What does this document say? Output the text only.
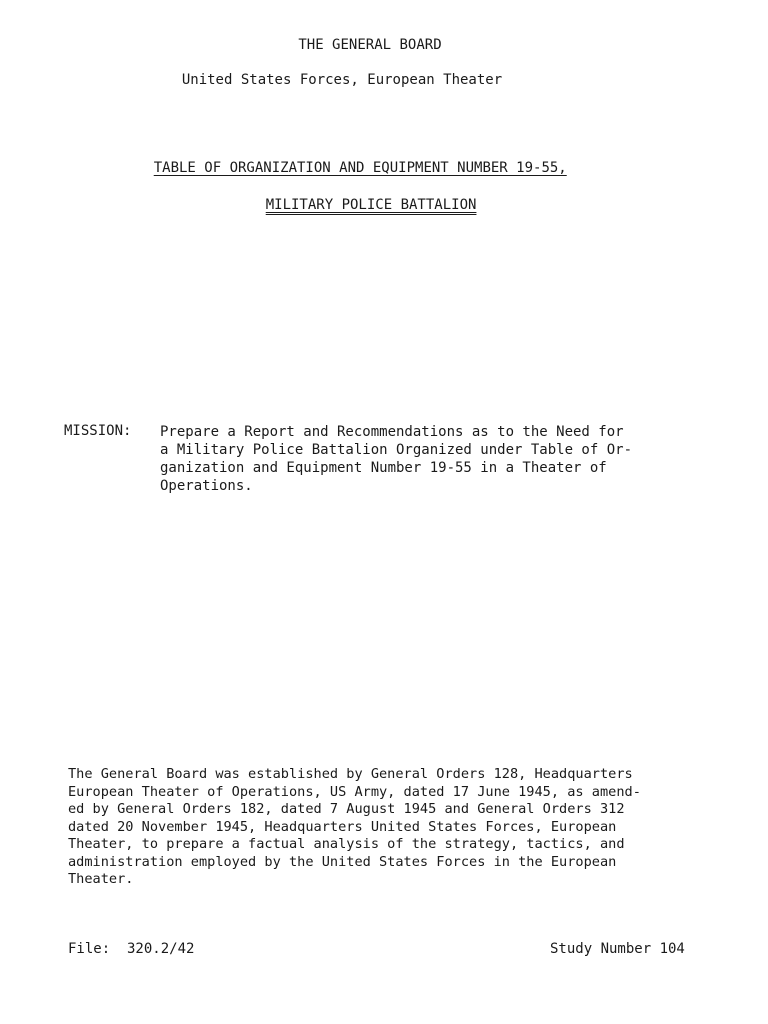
THE GENERAL BOARD
United States Forces, European Theater

TABLE OF ORGANIZATION AND EQUIPMENT NUMBER 19-55,

MILITARY POLICE BATTALION

MISSION: Prepare a Report and Recommendations as to the Need for
a Military Police Battalion Organized under Table of Or-
ganization and Equipment Number 19-55 in a Theater of
Operations.
The General Board was established by General Orders 128, Headquarters
European Theater of Operations, US Army, dated 17 June 1945, as amend-
ed by General Orders 182, dated 7 August 1945 and General Orders 312
dated 20 November 1945, Headquarters United States Forces, European
Theater, to prepare a factual analysis of the strategy, tactics, and
administration employed by the United States Forces in the European
Theater.
File:  320.2/42	Study Number 104
